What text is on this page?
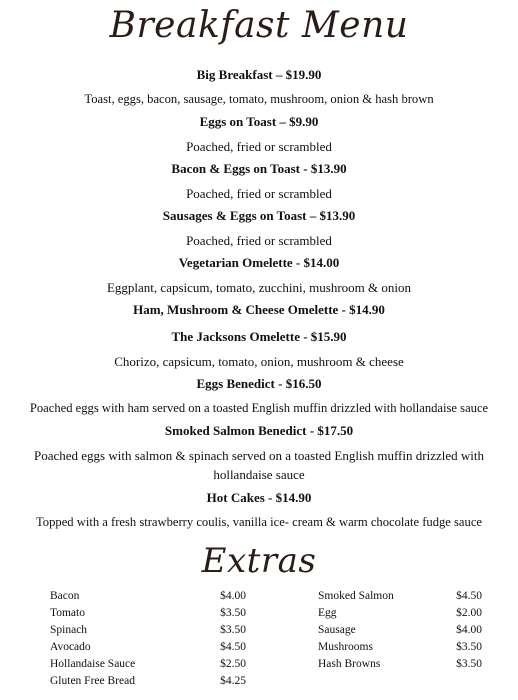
Breakfast Menu
Big Breakfast – $19.90
Toast, eggs, bacon, sausage, tomato, mushroom, onion & hash brown
Eggs on Toast – $9.90
Poached, fried or scrambled
Bacon & Eggs on Toast - $13.90
Poached, fried or scrambled
Sausages & Eggs on Toast – $13.90
Poached, fried or scrambled
Vegetarian Omelette - $14.00
Eggplant, capsicum, tomato, zucchini, mushroom & onion
Ham, Mushroom & Cheese Omelette - $14.90
The Jacksons Omelette - $15.90
Chorizo, capsicum, tomato, onion, mushroom & cheese
Eggs Benedict - $16.50
Poached eggs with ham served on a toasted English muffin drizzled with hollandaise sauce
Smoked Salmon Benedict - $17.50
Poached eggs with salmon & spinach served on a toasted English muffin drizzled with hollandaise sauce
Hot Cakes - $14.90
Topped with a fresh strawberry coulis, vanilla ice- cream & warm chocolate fudge sauce
Extras
Bacon	$4.00
Tomato	$3.50
Spinach	$3.50
Avocado	$4.50
Hollandaise Sauce	$2.50
Gluten Free Bread	$4.25
Smoked Salmon	$4.50
Egg	$2.00
Sausage	$4.00
Mushrooms	$3.50
Hash Browns	$3.50
